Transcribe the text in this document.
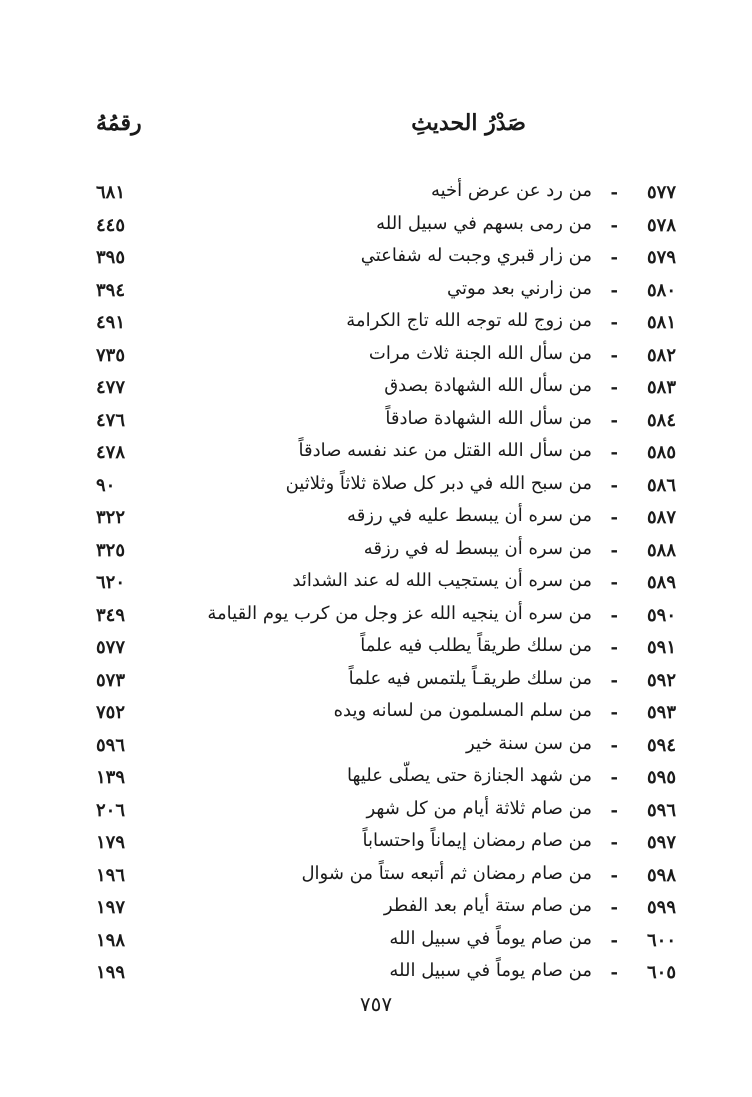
صَدْرُ الحديثِ
رقمُهُ
٥٧٧
-
من رد عن عرض أخيه
٦٨١
٥٧٨
-
من رمى بسهم في سبيل الله
٤٤٥
٥٧٩
-
من زار قبري وجبت له شفاعتي
٣٩٥
٥٨٠
-
من زارني بعد موتي
٣٩٤
٥٨١
-
من زوج لله توجه الله تاج الكرامة
٤٩١
٥٨٢
-
من سأل الله الجنة ثلاث مرات
٧٣٥
٥٨٣
-
من سأل الله الشهادة بصدق
٤٧٧
٥٨٤
-
من سأل الله الشهادة صادقاً
٤٧٦
٥٨٥
-
من سأل الله القتل من عند نفسه صادقاً
٤٧٨
٥٨٦
-
من سبح الله في دبر كل صلاة ثلاثاً وثلاثين
٩٠
٥٨٧
-
من سره أن يبسط عليه في رزقه
٣٢٢
٥٨٨
-
من سره أن يبسط له في رزقه
٣٢٥
٥٨٩
-
من سره أن يستجيب الله له عند الشدائد
٦٢٠
٥٩٠
-
من سره أن ينجيه الله عز وجل من كرب يوم القيامة
٣٤٩
٥٩١
-
من سلك طريقاً يطلب فيه علماً
٥٧٧
٥٩٢
-
من سلك طريقـاً يلتمس فيه علماً
٥٧٣
٥٩٣
-
من سلم المسلمون من لسانه ويده
٧٥٢
٥٩٤
-
من سن سنة خير
٥٩٦
٥٩٥
-
من شهد الجنازة حتى يصلّى عليها
١٣٩
٥٩٦
-
من صام ثلاثة أيام من كل شهر
٢٠٦
٥٩٧
-
من صام رمضان إيماناً واحتساباً
١٧٩
٥٩٨
-
من صام رمضان ثم أتبعه ستاً من شوال
١٩٦
٥٩٩
-
من صام ستة أيام بعد الفطر
١٩٧
٦٠٠
-
من صام يوماً في سبيل الله
١٩٨
٦٠٥
-
من صام يوماً في سبيل الله
١٩٩
٧٥٧
